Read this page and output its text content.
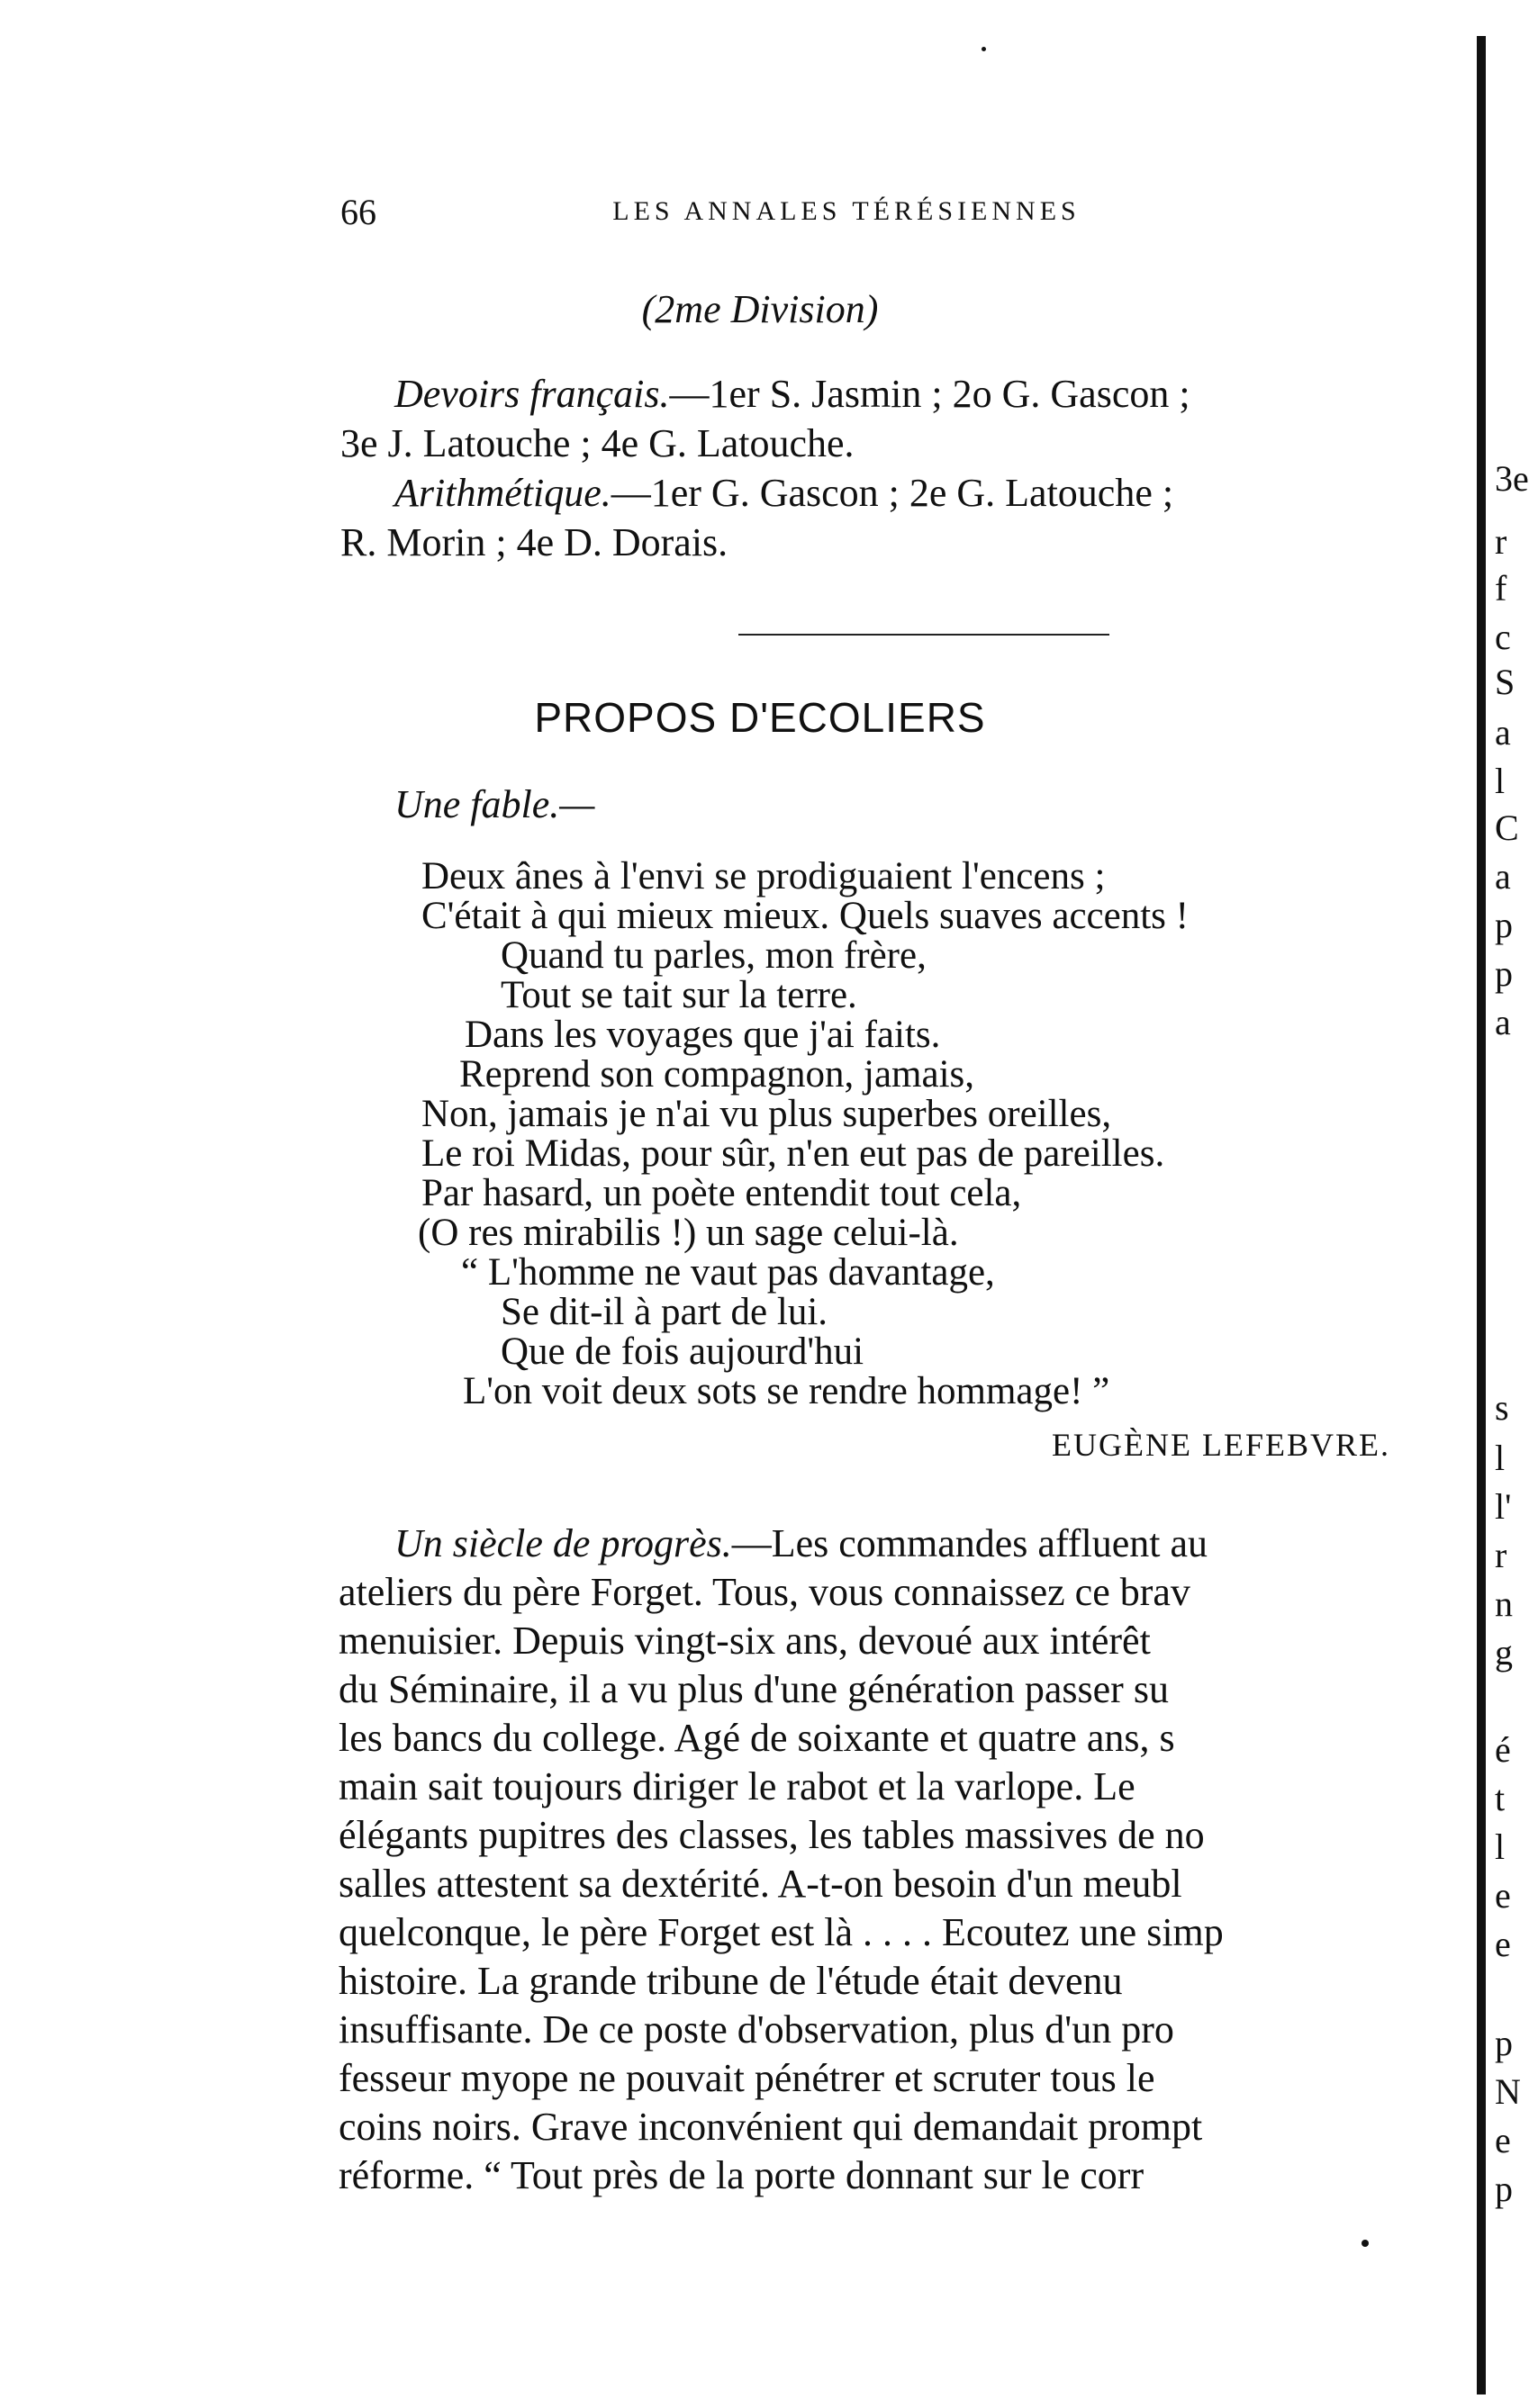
66	LES ANNALES TÉRÉSIENNES
(2me Division)
Devoirs français.—1er S. Jasmin ; 2o G. Gascon ;
3e J. Latouche ; 4e G. Latouche.
Arithmétique.—1er G. Gascon ; 2e G. Latouche ;
R. Morin ; 4e D. Dorais.
PROPOS D'ECOLIERS
Une fable.—
Deux ânes à l'envi se prodiguaient l'encens ;
C'était à qui mieux mieux. Quels suaves accents !
Quand tu parles, mon frère,
Tout se tait sur la terre.
Dans les voyages que j'ai faits.
Reprend son compagnon, jamais,
Non, jamais je n'ai vu plus superbes oreilles,
Le roi Midas, pour sûr, n'en eut pas de pareilles.
Par hasard, un poète entendit tout cela,
(O res mirabilis !) un sage celui-là.
“ L'homme ne vaut pas davantage,
Se dit-il à part de lui.
Que de fois aujourd'hui
L'on voit deux sots se rendre hommage! ”
EUGÈNE LEFEBVRE.
Un siècle de progrès.—Les commandes affluent au
ateliers du père Forget. Tous, vous connaissez ce brav
menuisier. Depuis vingt-six ans, devoué aux intérêt
du Séminaire, il a vu plus d'une génération passer su
les bancs du college. Agé de soixante et quatre ans, s
main sait toujours diriger le rabot et la varlope. Le
élégants pupitres des classes, les tables massives de no
salles attestent sa dextérité. A-t-on besoin d'un meubl
quelconque, le père Forget est là . . . . Ecoutez une simp
histoire. La grande tribune de l'étude était devenu
insuffisante. De ce poste d'observation, plus d'un pro
fesseur myope ne pouvait pénétrer et scruter tous le
coins noirs. Grave inconvénient qui demandait prompt
réforme. “ Tout près de la porte donnant sur le corr
3e
r
f
c
S
a
l
C
a
p
p
a
s
l
l'
r
n
g
é
t
l
e
e
p
N
e
p
